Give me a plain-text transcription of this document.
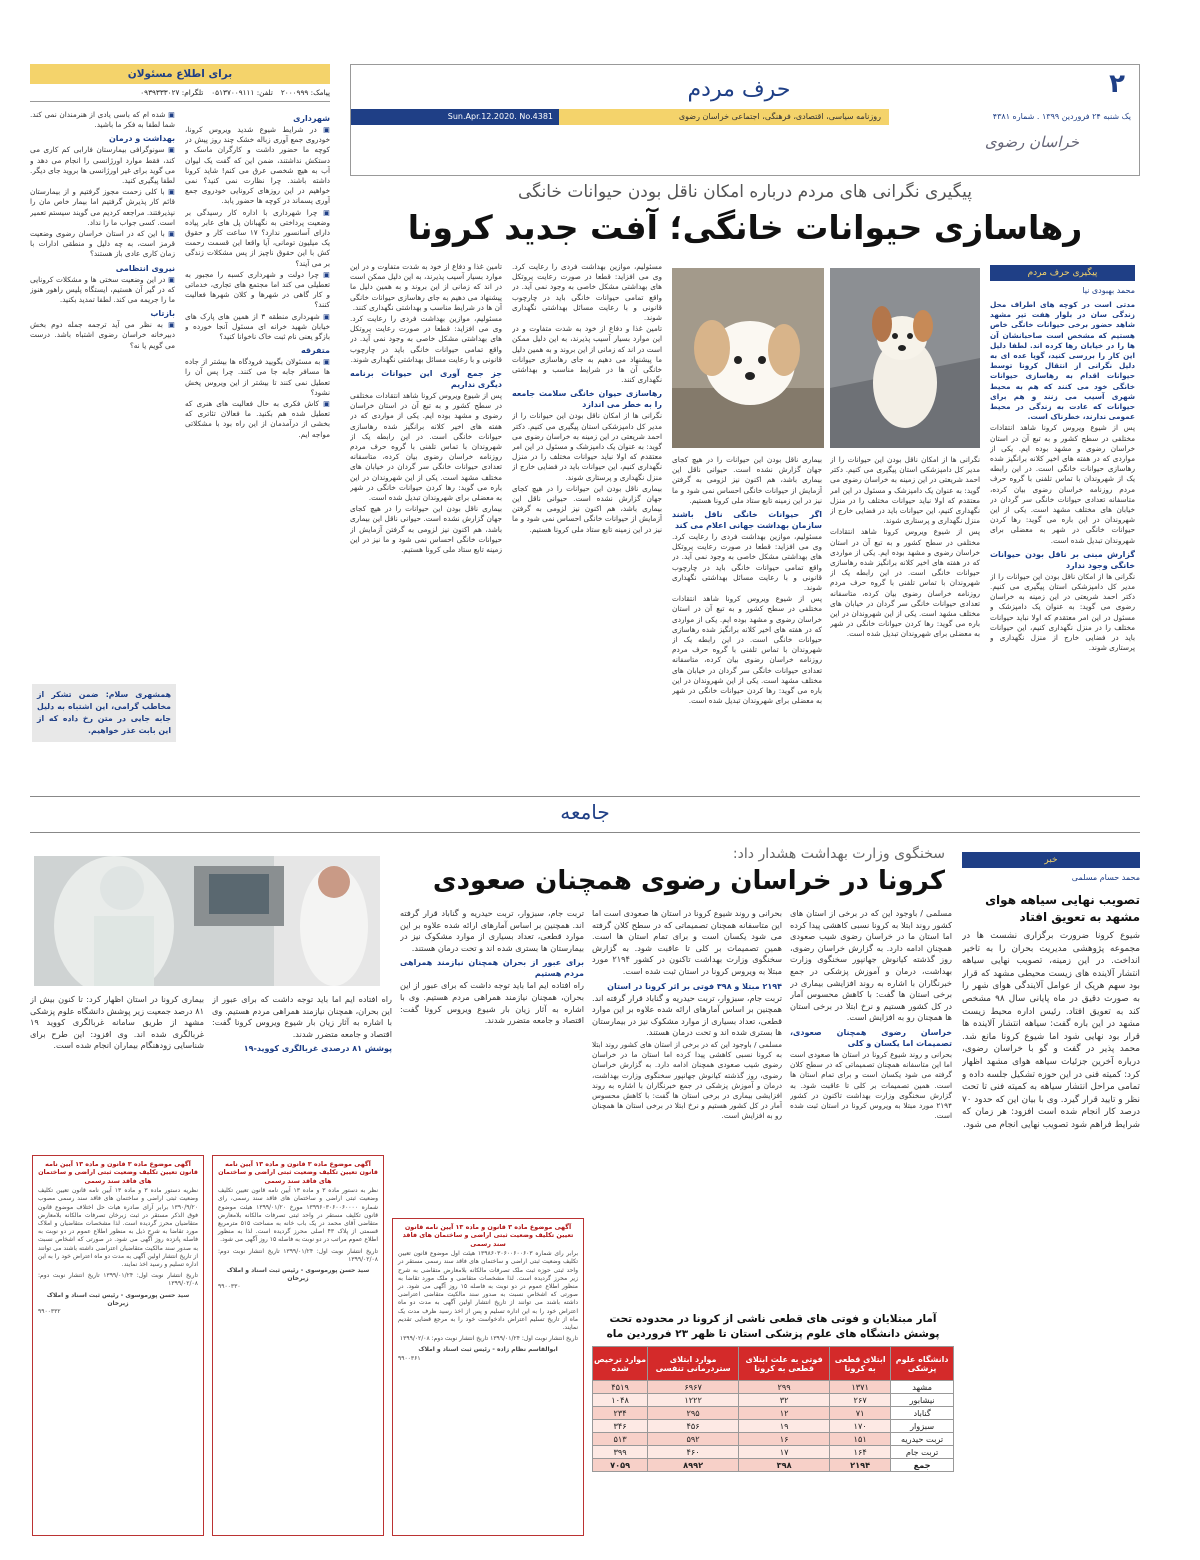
۲
حرف مردم
یک شنبه ۲۴ فروردین ۱۳۹۹ . شماره ۴۳۸۱
روزنامه سیاسی، اقتصادی، فرهنگی، اجتماعی خراسان رضوی
Sun.Apr.12.2020. No.4381
خراسان رضوی
برای اطلاع مسئولان
پیامک: ۲۰۰۰۹۹۹
تلفن: ۰۵۱۳۷۰۰۹۱۱۱
تلگرام: ۰۹۳۹۳۳۳۰۲۷
شهرداری

▣ در شرایط شیوع شدید ویروس کرونا، خودروی جمع آوری زباله خشک چند روز پیش در کوچه ما حضور داشت و کارگران ماسک و دستکش نداشتند، ضمن این که گفت یک لیوان آب به هیچ شخصی عرق می کنم! شاید کرونا داشته باشند. چرا نظارت نمی کنید؟ نمی خواهیم در این روزهای کرونایی خودروی جمع آوری پسماند در کوچه ها حضور یابد.

▣ چرا شهرداری با اداره کار رسیدگی بر وضعیت پرداختی به نگهبانان پل های عابر پیاده دارای آسانسور ندارد؟ ۱۷ ساعت کار و حقوق یک میلیون تومانی، آیا واقعا این قسمت رحمت کش با این حقوق ناچیز از پس مشکلات زندگی بر می آیند؟

▣ چرا دولت و شهرداری کسبه را مجبور به تعطیلی می کند اما مجتمع های تجاری، خدماتی و کار گاهی در شهرها و کلان شهرها فعالیت کنند؟

▣ شهرداری منطقه ۳ از همین های پارک های خیابان شهید خرانه ای مسئول آنجا خورده و بازگو یعنی نام ثبت خاک ناخوانا کنید؟

متفرقه

▣ به مسئولان بگویید فرودگاه ها بیشتر از جاده ها مسافر جابه جا می کنند. چرا پس آن را تعطیل نمی کنند تا بیشتر از این ویروس پخش نشود؟

▣ کاش فکری به حال فعالیت های هنری که تعطیل شده هم بکنید. ما فعالان تئاتری که بخشی از درآمدمان از این راه بود با مشکلاتی مواجه ایم.

▣ شده ام که باسی یادی از هنرمندان نمی کند. شما لطفا به فکر ما باشید.

بهداشت و درمان

▣ سونوگرافی بیمارستان فارابی کم کاری می کند، فقط موارد اورژانسی را انجام می دهد و می گوید برای غیر اورژانسی ها بروید جای دیگر. لطفا پیگیری کنید.

▣ با کلی زحمت مجوز گرفتیم و از بیمارستان قائم کار پذیرش گرفتیم اما بیمار خاص مان را نپذیرفتند. مراجعه کردیم می گویند سیستم تعمیر است. کسی جواب ما را نداد.

▣ با این که در استان خراسان رضوی وضعیت قرمز است، به چه دلیل و منطقی ادارات با زمان کاری عادی باز هستند؟

نیروی انتظامی

▣ در این وضعیت سختی ها و مشکلات کرونایی که در گیر آن هستیم، ایستگاه پلیس راهور هنوز ما را جریمه می کند. لطفا تمدید بکنید.

بازتاب

▣ به نظر می آید ترجمه جمله دوم بخش دبیرخانه خراسان رضوی اشتباه باشد. درست می گویم یا نه؟

همشهری سلام: ضمن تشکر از مخاطب گرامی، این اشتباه به دلیل جابه جایی در متن رخ داده که از این بابت عذر خواهیم.
پیگیری نگرانی های مردم درباره امکان ناقل بودن حیوانات خانگی
رهاسازی حیوانات خانگی؛ آفت جدید کرونا
پیگیری حرف مردم
محمد بهبودی نیا

مدتی است در کوچه های اطراف محل زندگی سان در بلوار هفت تیر مشهد شاهد حضور برخی حیوانات خانگی خاص هستیم که مشخص است صاحبانشان آن ها را در خیابان رها کرده اند. لطفا دلیل این کار را بررسی کنید، گویا عده ای به دلیل نگرانی از انتقال کرونا توسط حیوانات اقدام به رهاسازی حیوانات خانگی خود می کنند که هم به محیط شهری آسیب می زنند و هم برای حیوانات که عادت به زندگی در محیط عمومی ندارند، خطرناک است.

پس از شیوع ویروس کرونا شاهد انتقادات مختلفی در سطح کشور و به تبع آن در استان خراسان رضوی و مشهد بوده ایم. یکی از مواردی که در هفته های اخیر کلانه برانگیز شده رهاسازی حیوانات خانگی است. در این رابطه یک از شهروندان با تماس تلفنی با گروه حرف مردم روزنامه خراسان رضوی بیان کرده، متاسفانه تعدادی حیوانات خانگی سر گردان در خیابان های مختلف مشهد است. یکی از این شهروندان در این باره می گوید: رها کردن حیوانات خانگی در شهر به معضلی برای شهروندان تبدیل شده است.

گزارش مبنی بر ناقل بودن حیوانات خانگی وجود ندارد

نگرانی ها از امکان ناقل بودن این حیوانات را از مدیر کل دامپزشکی استان پیگیری می کنیم. دکتر احمد شریعتی در این زمینه به خراسان رضوی می گوید: به عنوان یک دامپزشک و مسئول در این امر معتقدم که اولا نباید حیوانات مختلف را در منزل نگهداری کنیم، این حیوانات باید در فضایی خارج از منزل نگهداری و پرستاری شوند.

نگرانی ها از امکان ناقل بودن این حیوانات را از مدیر کل دامپزشکی استان پیگیری می کنیم. دکتر احمد شریعتی در این زمینه به خراسان رضوی می گوید: به عنوان یک دامپزشک و مسئول در این امر معتقدم که اولا نباید حیوانات مختلف را در منزل نگهداری کنیم، این حیوانات باید در فضایی خارج از منزل نگهداری و پرستاری شوند.

پس از شیوع ویروس کرونا شاهد انتقادات مختلفی در سطح کشور و به تبع آن در استان خراسان رضوی و مشهد بوده ایم. یکی از مواردی که در هفته های اخیر کلانه برانگیز شده رهاسازی حیوانات خانگی است. در این رابطه یک از شهروندان با تماس تلفنی با گروه حرف مردم روزنامه خراسان رضوی بیان کرده، متاسفانه تعدادی حیوانات خانگی سر گردان در خیابان های مختلف مشهد است. یکی از این شهروندان در این باره می گوید: رها کردن حیوانات خانگی در شهر به معضلی برای شهروندان تبدیل شده است.

بیماری ناقل بودن این حیوانات را در هیچ کجای جهان گزارش نشده است. حیوانی ناقل این بیماری باشد، هم اکنون نیز لزومی به گرفتن آزمایش از حیوانات خانگی احساس نمی شود و ما نیز در این زمینه تابع ستاد ملی کرونا هستیم.

اگر حیوانات خانگی ناقل باشند سازمان بهداشت جهانی اعلام می کند

مسئولیم، موازین بهداشت فردی را رعایت کرد. وی می افزاید: قطعا در صورت رعایت پروتکل های بهداشتی مشکل خاصی به وجود نمی آید. در واقع تمامی حیوانات خانگی باید در چارچوب قانونی و با رعایت مسائل بهداشتی نگهداری شوند.

پس از شیوع ویروس کرونا شاهد انتقادات مختلفی در سطح کشور و به تبع آن در استان خراسان رضوی و مشهد بوده ایم. یکی از مواردی که در هفته های اخیر کلانه برانگیز شده رهاسازی حیوانات خانگی است. در این رابطه یک از شهروندان با تماس تلفنی با گروه حرف مردم روزنامه خراسان رضوی بیان کرده، متاسفانه تعدادی حیوانات خانگی سر گردان در خیابان های مختلف مشهد است. یکی از این شهروندان در این باره می گوید: رها کردن حیوانات خانگی در شهر به معضلی برای شهروندان تبدیل شده است.

مسئولیم، موازین بهداشت فردی را رعایت کرد. وی می افزاید: قطعا در صورت رعایت پروتکل های بهداشتی مشکل خاصی به وجود نمی آید. در واقع تمامی حیوانات خانگی باید در چارچوب قانونی و با رعایت مسائل بهداشتی نگهداری شوند.

تامین غذا و دفاع از خود به شدت متفاوت و در این موارد بسیار آسیب پذیرند، به این دلیل ممکن است در اند که زمانی از این بروند و به همین دلیل ما پیشنهاد می دهیم به جای رهاسازی حیوانات خانگی آن ها در شرایط مناسب و بهداشتی نگهداری کنند.

رهاسازی حیوان خانگی سلامت جامعه را به خطر می اندازد

نگرانی ها از امکان ناقل بودن این حیوانات را از مدیر کل دامپزشکی استان پیگیری می کنیم. دکتر احمد شریعتی در این زمینه به خراسان رضوی می گوید: به عنوان یک دامپزشک و مسئول در این امر معتقدم که اولا نباید حیوانات مختلف را در منزل نگهداری کنیم، این حیوانات باید در فضایی خارج از منزل نگهداری و پرستاری شوند.

بیماری ناقل بودن این حیوانات را در هیچ کجای جهان گزارش نشده است. حیوانی ناقل این بیماری باشد، هم اکنون نیز لزومی به گرفتن آزمایش از حیوانات خانگی احساس نمی شود و ما نیز در این زمینه تابع ستاد ملی کرونا هستیم.

تامین غذا و دفاع از خود به شدت متفاوت و در این موارد بسیار آسیب پذیرند، به این دلیل ممکن است در اند که زمانی از این بروند و به همین دلیل ما پیشنهاد می دهیم به جای رهاسازی حیوانات خانگی آن ها در شرایط مناسب و بهداشتی نگهداری کنند.

مسئولیم، موازین بهداشت فردی را رعایت کرد. وی می افزاید: قطعا در صورت رعایت پروتکل های بهداشتی مشکل خاصی به وجود نمی آید. در واقع تمامی حیوانات خانگی باید در چارچوب قانونی و با رعایت مسائل بهداشتی نگهداری شوند.

جز جمع آوری این حیوانات برنامه دیگری نداریم

پس از شیوع ویروس کرونا شاهد انتقادات مختلفی در سطح کشور و به تبع آن در استان خراسان رضوی و مشهد بوده ایم. یکی از مواردی که در هفته های اخیر کلانه برانگیز شده رهاسازی حیوانات خانگی است. در این رابطه یک از شهروندان با تماس تلفنی با گروه حرف مردم روزنامه خراسان رضوی بیان کرده، متاسفانه تعدادی حیوانات خانگی سر گردان در خیابان های مختلف مشهد است. یکی از این شهروندان در این باره می گوید: رها کردن حیوانات خانگی در شهر به معضلی برای شهروندان تبدیل شده است.

بیماری ناقل بودن این حیوانات را در هیچ کجای جهان گزارش نشده است. حیوانی ناقل این بیماری باشد، هم اکنون نیز لزومی به گرفتن آزمایش از حیوانات خانگی احساس نمی شود و ما نیز در این زمینه تابع ستاد ملی کرونا هستیم.

جامعه
خبر
محمد حسام مسلمی
تصویب نهایی سیاهه هوای مشهد به تعویق افتاد
شیوع کرونا ضرورت برگزاری نشست ها در مجموعه پژوهشی مدیریت بحران را به تاخیر انداخت. در این زمینه، تصویب نهایی سیاهه انتشار آلاینده های زیست محیطی مشهد که قرار بود سهم هریک از عوامل آلایندگی هوای شهر را به صورت دقیق در ماه پایانی سال ۹۸ مشخص کند به تعویق افتاد. رئیس اداره محیط زیست مشهد در این باره گفت: سیاهه انتشار آلاینده ها قرار بود نهایی شود اما شیوع کرونا مانع شد. محمد پذیر در گفت و گو با خراسان رضوی، درباره آخرین جزئیات سیاهه هوای مشهد اظهار کرد: کمیته فنی در این حوزه تشکیل جلسه داده و تمامی مراحل انتشار سیاهه به کمیته فنی تا تحت نظر و تایید قرار گیرد. وی با بیان این که حدود ۷۰ درصد کار انجام شده است افزود: هر زمان که شرایط فراهم شود تصویب نهایی انجام می شود.
سخنگوی وزارت بهداشت هشدار داد:
کرونا در خراسان رضوی همچنان صعودی

مسلمی / باوجود این که در برخی از استان های کشور روند ابتلا به کرونا نسبی کاهشی پیدا کرده اما استان ما در خراسان رضوی شیب صعودی همچنان ادامه دارد. به گزارش خراسان رضوی، روز گذشته کیانوش جهانپور سخنگوی وزارت بهداشت، درمان و آموزش پزشکی در جمع خبرنگاران با اشاره به روند افزایشی بیماری در برخی استان ها گفت: با کاهش محسوس آمار در کل کشور هستیم و نرخ ابتلا در برخی استان ها همچنان رو به افزایش است.

خراسان رضوی همچنان صعودی، تصمیمات اما یکسان و کلی

بحرانی و روند شیوع کرونا در استان ها صعودی است اما این متاسفانه همچنان تصمیماتی که در سطح کلان گرفته می شود یکسان است و برای تمام استان ها است. همین تصمیمات بر کلی تا عاقبت شود. به گزارش سخنگوی وزارت بهداشت تاکنون در کشور ۲۱۹۴ مورد مبتلا به ویروس کرونا در استان ثبت شده است.

بحرانی و روند شیوع کرونا در استان ها صعودی است اما این متاسفانه همچنان تصمیماتی که در سطح کلان گرفته می شود یکسان است و برای تمام استان ها است. همین تصمیمات بر کلی تا عاقبت شود. به گزارش سخنگوی وزارت بهداشت تاکنون در کشور ۲۱۹۴ مورد مبتلا به ویروس کرونا در استان ثبت شده است.

۲۱۹۴ مبتلا و ۳۹۸ فوتی بر اثر کرونا در استان

تربت جام، سبزوار، تربت حیدریه و گناباد قرار گرفته اند. همچنین بر اساس آمارهای ارائه شده علاوه بر این موارد قطعی، تعداد بسیاری از موارد مشکوک نیز در بیمارستان ها بستری شده اند و تحت درمان هستند.

مسلمی / باوجود این که در برخی از استان های کشور روند ابتلا به کرونا نسبی کاهشی پیدا کرده اما استان ما در خراسان رضوی شیب صعودی همچنان ادامه دارد. به گزارش خراسان رضوی، روز گذشته کیانوش جهانپور سخنگوی وزارت بهداشت، درمان و آموزش پزشکی در جمع خبرنگاران با اشاره به روند افزایشی بیماری در برخی استان ها گفت: با کاهش محسوس آمار در کل کشور هستیم و نرخ ابتلا در برخی استان ها همچنان رو به افزایش است.

تربت جام، سبزوار، تربت حیدریه و گناباد قرار گرفته اند. همچنین بر اساس آمارهای ارائه شده علاوه بر این موارد قطعی، تعداد بسیاری از موارد مشکوک نیز در بیمارستان ها بستری شده اند و تحت درمان هستند.

برای عبور از بحران همچنان نیازمند همراهی مردم هستیم

راه افتاده ایم اما باید توجه داشت که برای عبور از این بحران، همچنان نیازمند همراهی مردم هستیم. وی با اشاره به آثار زیان بار شیوع ویروس کرونا گفت: اقتصاد و جامعه متضرر شدند.

راه افتاده ایم اما باید توجه داشت که برای عبور از این بحران، همچنان نیازمند همراهی مردم هستیم. وی با اشاره به آثار زیان بار شیوع ویروس کرونا گفت: اقتصاد و جامعه متضرر شدند.

پوشش ۸۱ درصدی غربالگری کووید-۱۹

بیماری کرونا در استان اظهار کرد: تا کنون بیش از ۸۱ درصد جمعیت زیر پوشش دانشگاه علوم پزشکی مشهد از طریق سامانه غربالگری کووید ۱۹ غربالگری شده اند. وی افزود: این طرح برای شناسایی زودهنگام بیماران انجام شده است.

آمار مبتلایان و فوتی های قطعی ناشی از کرونا در محدوده تحت پوشش دانشگاه های علوم پزشکی استان تا ظهر ۲۳ فروردین ماه
دانشگاه علوم پزشکی	ابتلای قطعی به کرونا	فوتی به علت ابتلای قطعی به کرونا	موارد ابتلای ستردرمانی تنفسی	موارد ترخیص شده
مشهد	۱۳۷۱	۲۹۹	۶۹۶۷	۴۵۱۹
نیشابور	۲۶۷	۳۲	۱۲۲۲	۱۰۴۸
گناباد	۷۱	۱۲	۲۹۵	۲۳۴
سبزوار	۱۷۰	۱۹	۴۵۶	۳۴۶
تربت حیدریه	۱۵۱	۱۶	۵۹۲	۵۱۳
تربت جام	۱۶۴	۱۷	۴۶۰	۳۹۹
جمع	۲۱۹۴	۳۹۸	۸۹۹۲	۷۰۵۹
آگهی موضوع ماده ۳ قانون و ماده ۱۳ آیین نامه قانون تعیین تکلیف وضعیت ثبتی اراضی و ساختمان های فاقد سند رسمی
برابر رای شماره ۱۳۹۸۶۰۳۰۶۰۰۶۰۰۶۰۳ هیئت اول موضوع قانون تعیین تکلیف وضعیت ثبتی اراضی و ساختمان های فاقد سند رسمی مستقر در واحد ثبتی حوزه ثبت ملک تصرفات مالکانه بلامعارض متقاضی به شرح زیر محرز گردیده است. لذا مشخصات متقاضی و ملک مورد تقاضا به منظور اطلاع عموم در دو نوبت به فاصله ۱۵ روز آگهی می شود. در صورتی که اشخاص نسبت به صدور سند مالکیت متقاضی اعتراضی داشته باشند می توانند از تاریخ انتشار اولین آگهی به مدت دو ماه اعتراض خود را به این اداره تسلیم و پس از اخذ رسید ظرف مدت یک ماه از تاریخ تسلیم اعتراض دادخواست خود را به مرجع قضایی تقدیم نمایند.
تاریخ انتشار نوبت اول: ۱۳۹۹/۰۱/۲۴ تاریخ انتشار نوبت دوم: ۱۳۹۹/۰۲/۰۸
ابوالقاسم نظام زاده - رئیس ثبت اسناد و املاک
۹۹۰۰۳۶۱
آگهی موضوع ماده ۳ قانون و ماده ۱۳ آیین نامه قانون تعیین تکلیف وضعیت ثبتی اراضی و ساختمان های فاقد سند رسمی
نظر به دستور ماده ۳ و ماده ۱۳ آیین نامه قانون تعیین تکلیف وضعیت ثبتی اراضی و ساختمان های فاقد سند رسمی، رای شماره ۱۳۹۹۶۰۳۰۶۰۰۶۰۰۰۰ مورخ ۱۳۹۹/۰۱/۲۰ هیئت موضوع قانون تکلیف مستقر در واحد ثبتی تصرفات مالکانه بلامعارض متقاضی آقای محمد در یک باب خانه به مساحت ۵۱۵ مترمربع قسمتی از پلاک ۴۳ اصلی محرز گردیده است. لذا به منظور اطلاع عموم مراتب در دو نوبت به فاصله ۱۵ روز آگهی می شود.
تاریخ انتشار نوبت اول: ۱۳۹۹/۰۱/۲۴ تاریخ انتشار نوبت دوم: ۱۳۹۹/۰۲/۰۸
سید حسن پورموسوی - رئیس ثبت اسناد و املاک زبرخان
۹۹۰۰۳۳۰
آگهی موضوع ماده ۳ قانون و ماده ۱۳ آیین نامه قانون تعیین تکلیف وضعیت ثبتی اراضی و ساختمان های فاقد سند رسمی
نظریه دستور ماده ۳ و ماده ۱۳ آیین نامه قانون تعیین تکلیف وضعیت ثبتی اراضی و ساختمان های فاقد سند رسمی مصوب ۱۳۹۰/۹/۲۰ برابر آرای صادره هیات حل اختلاف موضوع قانون فوق الذکر مستقر در ثبت زبرخان تصرفات مالکانه بلامعارض متقاضیان محرز گردیده است. لذا مشخصات متقاضیان و املاک مورد تقاضا به شرح ذیل به منظور اطلاع عموم در دو نوبت به فاصله پانزده روز آگهی می شود. در صورتی که اشخاص نسبت به صدور سند مالکیت متقاضیان اعتراضی داشته باشند می توانند از تاریخ انتشار اولین آگهی به مدت دو ماه اعتراض خود را به این اداره تسلیم و رسید اخذ نمایند.
تاریخ انتشار نوبت اول: ۱۳۹۹/۰۱/۲۴ تاریخ انتشار نوبت دوم: ۱۳۹۹/۰۲/۰۸
سید حسن پورموسوی - رئیس ثبت اسناد و املاک زبرخان
۹۹۰۰۳۳۲
